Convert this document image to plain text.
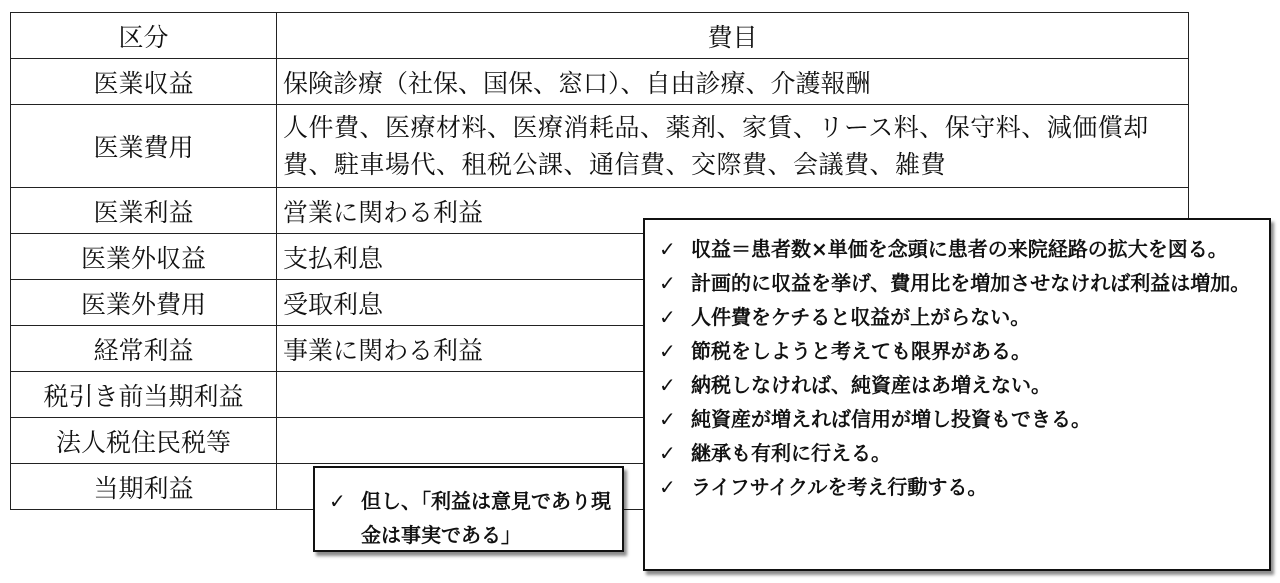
区分	費目
医業収益	保険診療（社保、国保、窓口）、自由診療、介護報酬
医業費用	人件費、医療材料、医療消耗品、薬剤、家賃、リース料、保守料、減価償却費、駐車場代、租税公課、通信費、交際費、会議費、雑費
医業利益	営業に関わる利益
医業外収益	支払利息
医業外費用	受取利息
経常利益	事業に関わる利益
税引き前当期利益	
法人税住民税等	
当期利益	
✓ 収益＝患者数×単価を念頭に患者の来院経路の拡大を図る。
✓ 計画的に収益を挙げ、費用比を増加させなければ利益は増加。
✓ 人件費をケチると収益が上がらない。
✓ 節税をしようと考えても限界がある。
✓ 納税しなければ、純資産はあ増えない。
✓ 純資産が増えれば信用が増し投資もできる。
✓ 継承も有利に行える。
✓ ライフサイクルを考え行動する。
✓ 但し、「利益は意見であり現金は事実である」
